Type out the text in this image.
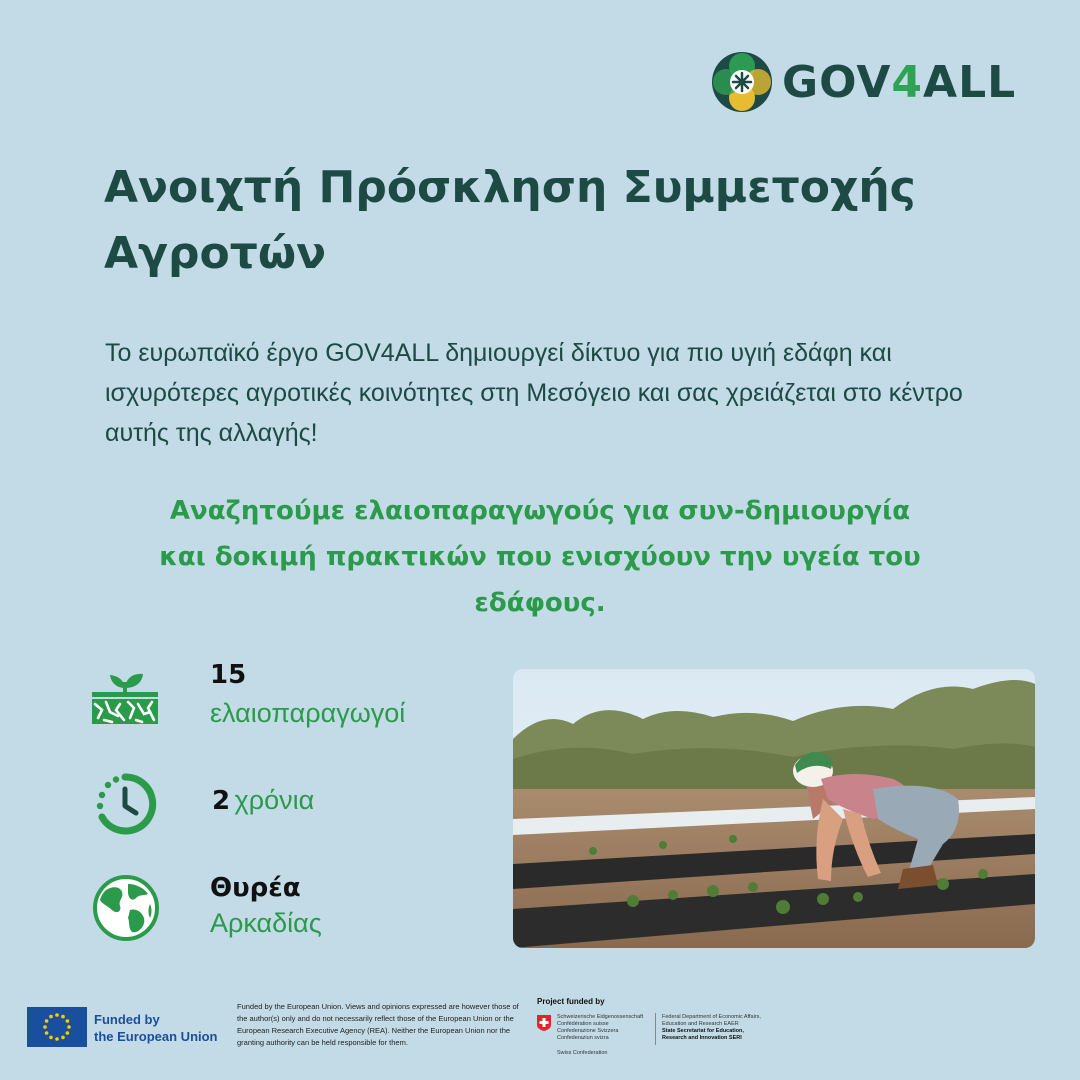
GOV4ALL
Ανοιχτή Πρόσκληση Συμμετοχής Αγροτών
Το ευρωπαϊκό έργο GOV4ALL δημιουργεί δίκτυο για πιο υγιή εδάφη και ισχυρότερες αγροτικές κοινότητες στη Μεσόγειο και σας χρειάζεται στο κέντρο αυτής της αλλαγής!
Αναζητούμε ελαιοπαραγωγούς για συν-δημιουργία και δοκιμή πρακτικών που ενισχύουν την υγεία του εδάφους.
15
ελαιοπαραγωγοί
2 χρόνια
Θυρέα
Αρκαδίας
Funded by
the European Union
Funded by the European Union. Views and opinions expressed are however those of the author(s) only and do not necessarily reflect those of the European Union or the European Research Executive Agency (REA). Neither the European Union nor the granting authority can be held responsible for them.
Project funded by
Schweizerische Eidgenossenschaft
Confédération suisse
Confederazione Svizzera
Confederaziun svizra
Swiss Confederation
Federal Department of Economic Affairs,
Education and Research EAER
State Secretariat for Education,
Research and Innovation SERI
